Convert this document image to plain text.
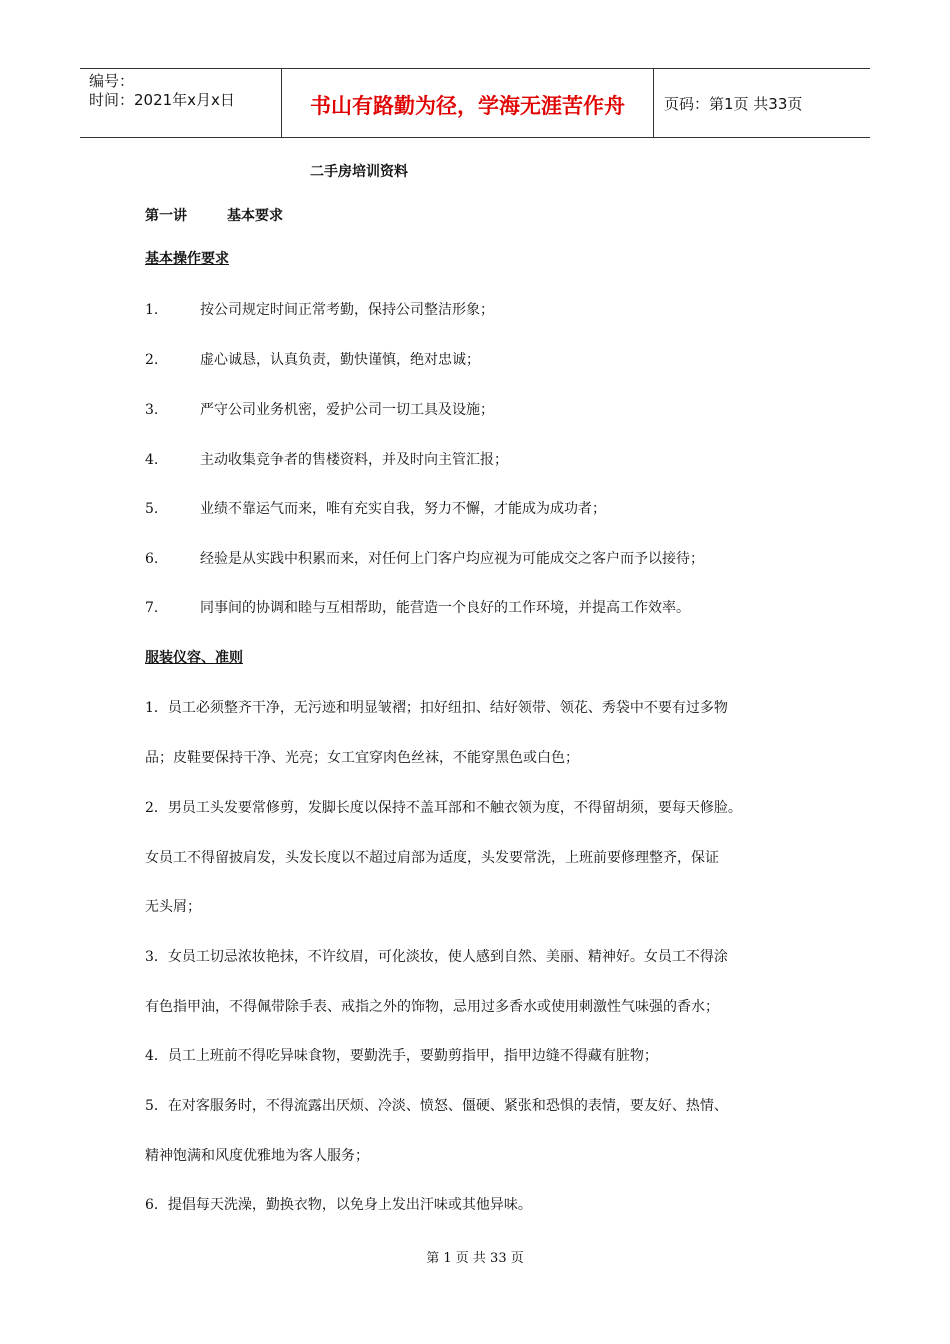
编号：
时间：2021年x月x日	书山有路勤为径，学海无涯苦作舟	页码：第1页 共33页
二手房培训资料
第一讲	基本要求
基本操作要求
1.	按公司规定时间正常考勤，保持公司整洁形象；
2.	虚心诚恳，认真负责，勤快谨慎，绝对忠诚；
3.	严守公司业务机密，爱护公司一切工具及设施；
4.	主动收集竞争者的售楼资料，并及时向主管汇报；
5.	业绩不靠运气而来，唯有充实自我，努力不懈，才能成为成功者；
6.	经验是从实践中积累而来，对任何上门客户均应视为可能成交之客户而予以接待；
7.	同事间的协调和睦与互相帮助，能营造一个良好的工作环境，并提高工作效率。
服装仪容、准则
1．员工必须整齐干净，无污迹和明显皱褶；扣好纽扣、结好领带、领花、秀袋中不要有过多物
品；皮鞋要保持干净、光亮；女工宜穿肉色丝袜，不能穿黑色或白色；
2．男员工头发要常修剪，发脚长度以保持不盖耳部和不触衣领为度，不得留胡须，要每天修脸。
女员工不得留披肩发，头发长度以不超过肩部为适度，头发要常洗，上班前要修理整齐，保证
无头屑；
3．女员工切忌浓妆艳抹，不许纹眉，可化淡妆，使人感到自然、美丽、精神好。女员工不得涂
有色指甲油，不得佩带除手表、戒指之外的饰物，忌用过多香水或使用刺激性气味强的香水；
4．员工上班前不得吃异味食物，要勤洗手，要勤剪指甲，指甲边缝不得藏有脏物；
5．在对客服务时，不得流露出厌烦、冷淡、愤怒、僵硬、紧张和恐惧的表情，要友好、热情、
精神饱满和风度优雅地为客人服务；
6．提倡每天洗澡，勤换衣物，以免身上发出汗味或其他异味。
第 1 页 共 33 页
